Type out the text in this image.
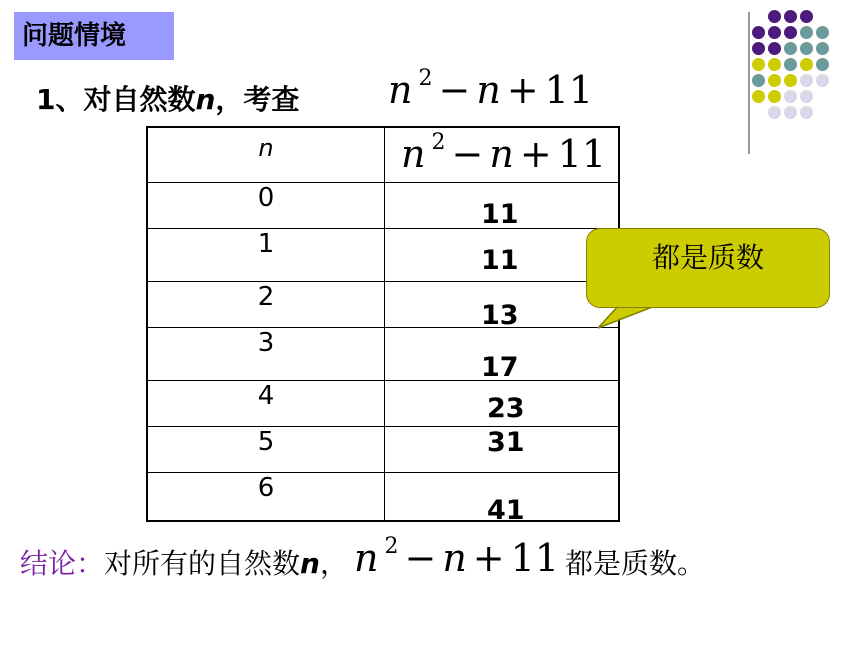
问题情境
1、对自然数n，考查 n $^2$ − n + 11
n	n $^2$ − n + 11

0	11

1	11

2	13

3	17

4	23

5	31

6	41
都是质数
结论：对所有的自然数n， n $^2$ − n + 11 都是质数。
